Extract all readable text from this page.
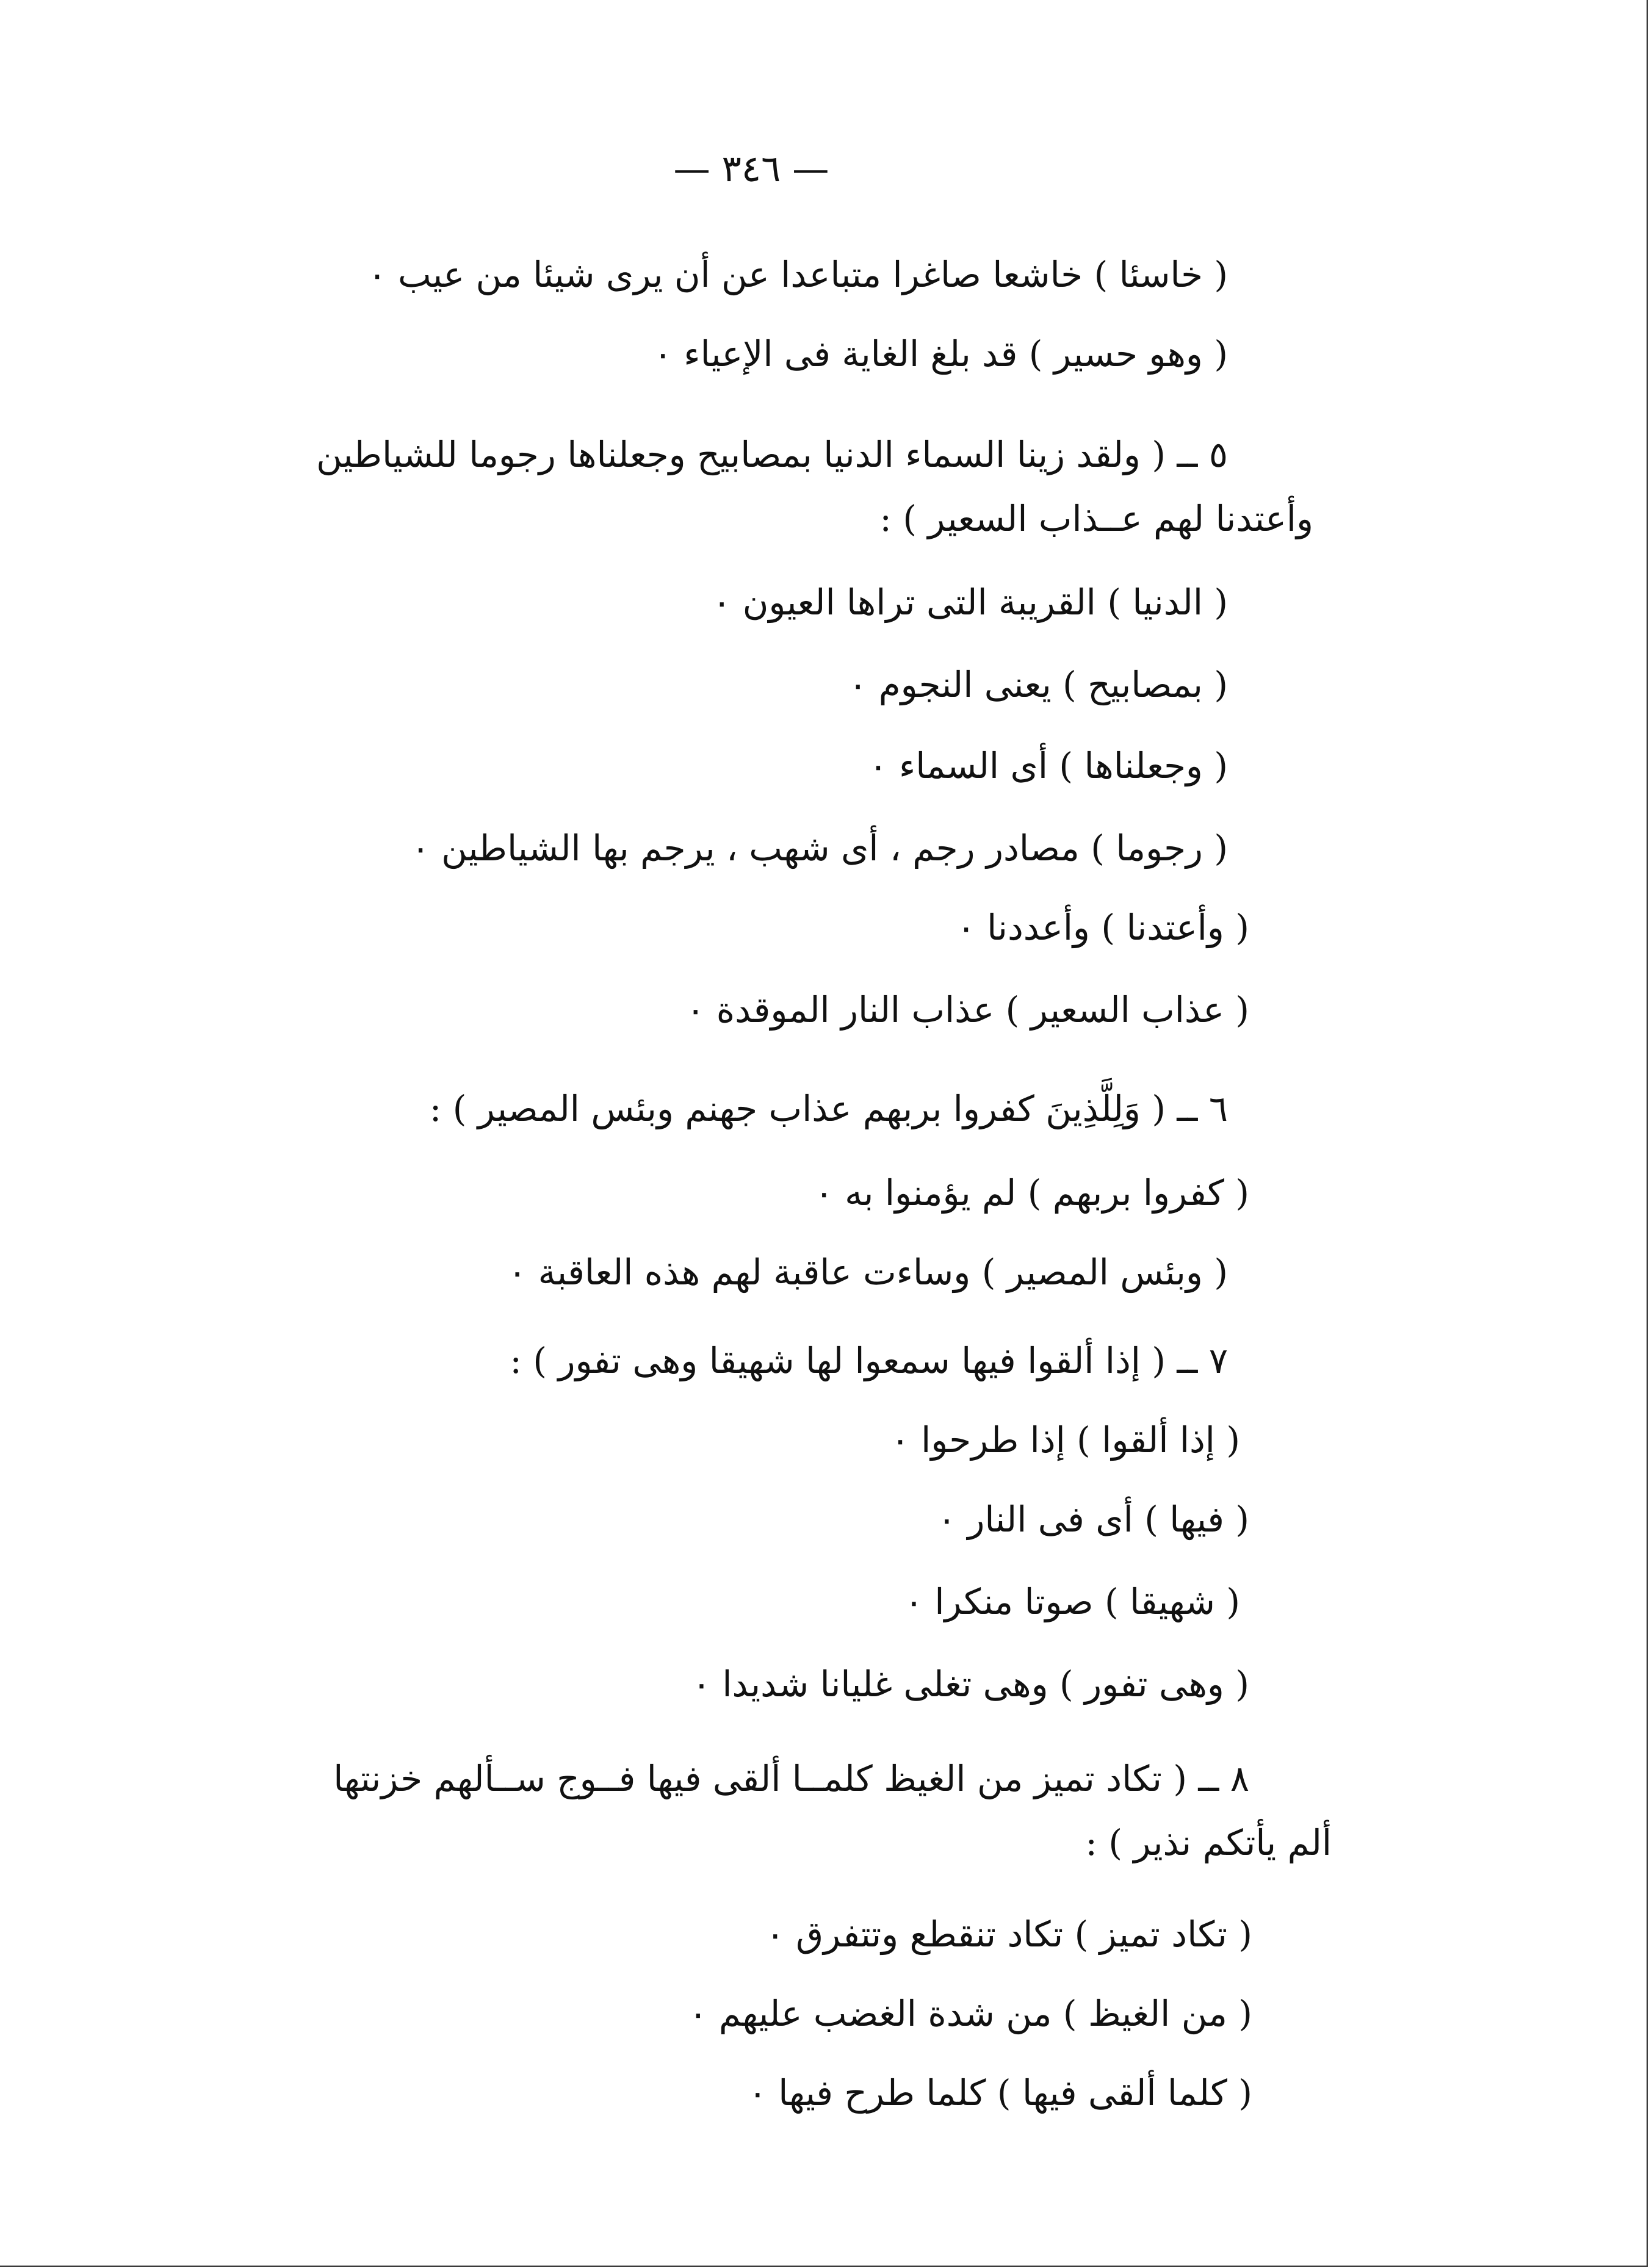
— ٣٤٦ —
( خاسئا ) خاشعا صاغرا متباعدا عن أن يرى شيئا من عيب ٠
( وهو حسير ) قد بلغ الغاية فى الإعياء ٠
٥ ــ ( ولقد زينا السماء الدنيا بمصابيح وجعلناها رجوما للشياطين
وأعتدنا لهم عــذاب السعير ) :
( الدنيا ) القريبة التى تراها العيون ٠
( بمصابيح ) يعنى النجوم ٠
( وجعلناها ) أى السماء ٠
( رجوما ) مصادر رجم ، أى شهب ، يرجم بها الشياطين ٠
( وأعتدنا ) وأعددنا ٠
( عذاب السعير ) عذاب النار الموقدة ٠
٦ ــ ( وَلِلَّذِينَ كفروا بربهم عذاب جهنم وبئس المصير ) :
( كفروا بربهم ) لم يؤمنوا به ٠
( وبئس المصير ) وساءت عاقبة لهم هذه العاقبة ٠
٧ ــ ( إذا ألقوا فيها سمعوا لها شهيقا وهى تفور ) :
( إذا ألقوا ) إذا طرحوا ٠
( فيها ) أى فى النار ٠
( شهيقا ) صوتا منكرا ٠
( وهى تفور ) وهى تغلى غليانا شديدا ٠
٨ ــ ( تكاد تميز من الغيظ كلمــا ألقى فيها فــوج ســألهم خزنتها
ألم يأتكم نذير ) :
( تكاد تميز ) تكاد تنقطع وتتفرق ٠
( من الغيظ ) من شدة الغضب عليهم ٠
( كلما ألقى فيها ) كلما طرح فيها ٠
